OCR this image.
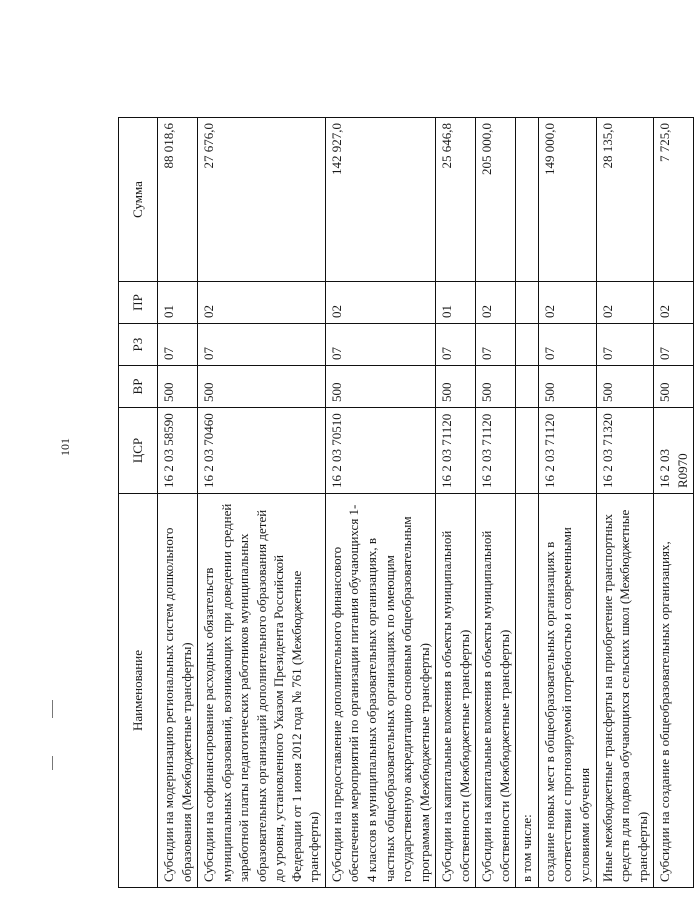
101
Наименование	ЦСР	ВР	РЗ	ПР	Сумма
Субсидии на модернизацию региональных систем дошкольного образования (Межбюджетные трансферты)	16 2 03 58590	500	07	01	88 018,6
Субсидии на софинансирование расходных обязательств муниципальных образований, возникающих при доведении средней заработной платы педагогических работников муниципальных образовательных организаций дополнительного образования детей до уровня, установленного Указом Президента Российской Федерации от 1 июня 2012 года № 761 (Межбюджетные трансферты)	16 2 03 70460	500	07	02	27 676,0
Субсидии на предоставление дополнительного финансового обеспечения мероприятий по организации питания обучающихся 1-4 классов в муниципальных образовательных организациях, в частных общеобразовательных организациях по имеющим государственную аккредитацию основным общеобразовательным программам (Межбюджетные трансферты)	16 2 03 70510	500	07	02	142 927,0
Субсидии на капитальные вложения в объекты муниципальной собственности (Межбюджетные трансферты)	16 2 03 71120	500	07	01	25 646,8
Субсидии на капитальные вложения в объекты муниципальной собственности (Межбюджетные трансферты)	16 2 03 71120	500	07	02	205 000,0
в том числе:					
создание новых мест в общеобразовательных организациях в соответствии с прогнозируемой потребностью и современными условиями обучения	16 2 03 71120	500	07	02	149 000,0
Иные межбюджетные трансферты на приобретение транспортных средств для подвоза обучающихся сельских школ (Межбюджетные трансферты)	16 2 03 71320	500	07	02	28 135,0
Субсидии на создание в общеобразовательных организациях,	16 2 03 R0970	500	07	02	7 725,0
